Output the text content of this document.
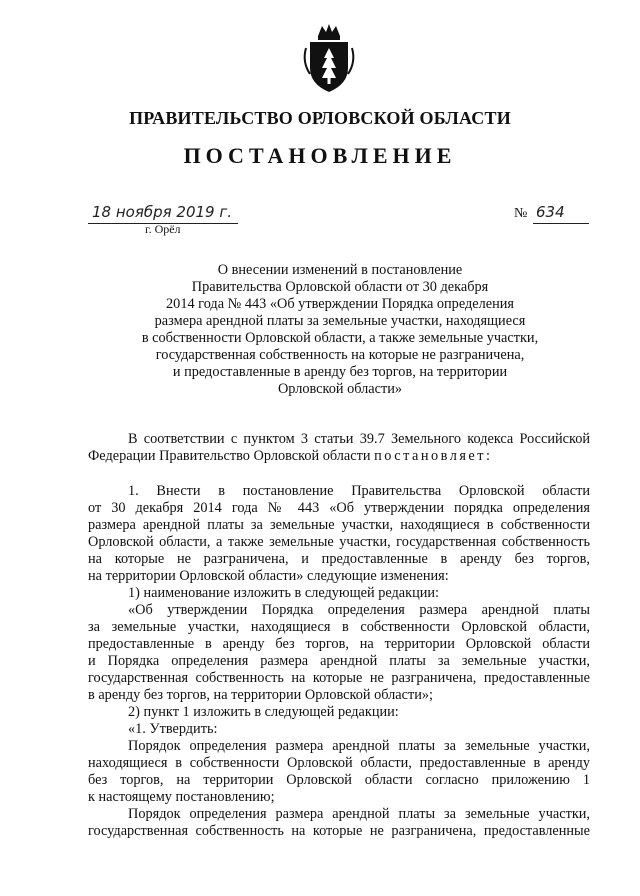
ПРАВИТЕЛЬСТВО ОРЛОВСКОЙ ОБЛАСТИ
ПОСТАНОВЛЕНИЕ
18 ноября 2019 г.
г. Орёл
№ 634
О внесении изменений в постановление
Правительства Орловской области от 30 декабря
2014 года № 443 «Об утверждении Порядка определения
размера арендной платы за земельные участки, находящиеся
в собственности Орловской области, а также земельные участки,
государственная собственность на которые не разграничена,
и предоставленные в аренду без торгов, на территории
Орловской области»
В соответствии с пунктом 3 статьи 39.7 Земельного кодекса Российской
Федерации Правительство Орловской области постановляет:
1. Внести в постановление Правительства Орловской области
от 30 декабря 2014 года № 443 «Об утверждении порядка определения
размера арендной платы за земельные участки, находящиеся в собственности
Орловской области, а также земельные участки, государственная собственность
на которые не разграничена, и предоставленные в аренду без торгов,
на территории Орловской области» следующие изменения:
1) наименование изложить в следующей редакции:
«Об утверждении Порядка определения размера арендной платы
за земельные участки, находящиеся в собственности Орловской области,
предоставленные в аренду без торгов, на территории Орловской области
и Порядка определения размера арендной платы за земельные участки,
государственная собственность на которые не разграничена, предоставленные
в аренду без торгов, на территории Орловской области»;
2) пункт 1 изложить в следующей редакции:
«1. Утвердить:
Порядок определения размера арендной платы за земельные участки,
находящиеся в собственности Орловской области, предоставленные в аренду
без торгов, на территории Орловской области согласно приложению 1
к настоящему постановлению;
Порядок определения размера арендной платы за земельные участки,
государственная собственность на которые не разграничена, предоставленные
